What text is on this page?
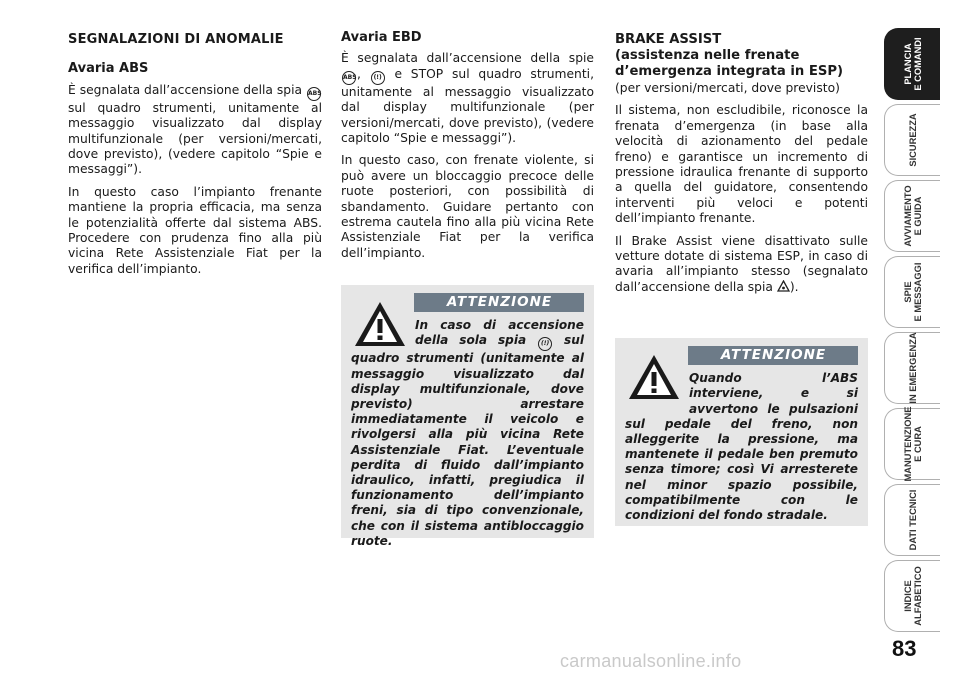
SEGNALAZIONI DI ANOMALIE
Avaria ABS

È segnalata dall’accensione della spia ABS sul quadro strumenti, unitamente al messaggio visualizzato dal display multifunzionale (per versioni/mercati, dove previsto), (vedere capitolo “Spie e messaggi”).

In questo caso l’impianto frenante mantiene la propria efficacia, ma senza le potenzialità offerte dal sistema ABS. Procedere con prudenza fino alla più vicina Rete Assistenziale Fiat per la verifica dell’impianto.

Avaria EBD

È segnalata dall’accensione della spie ABS, (!) e STOP sul quadro strumenti, unitamente al messaggio visualizzato dal display multifunzionale (per versioni/mercati, dove previsto), (vedere capitolo “Spie e messaggi”).

In questo caso, con frenate violente, si può avere un bloccaggio precoce delle ruote posteriori, con possibilità di sbandamento. Guidare pertanto con estrema cautela fino alla più vicina Rete Assistenziale Fiat per la verifica dell’impianto.

ATTENZIONE

In caso di accensione della sola spia (!) sul quadro strumenti (unitamente al messaggio visualizzato dal display multifunzionale, dove previsto) arrestare immediatamente il veicolo e rivolgersi alla più vicina Rete Assistenziale Fiat. L’eventuale perdita di fluido dall’impianto idraulico, infatti, pregiudica il funzionamento dell’impianto freni, sia di tipo convenzionale, che con il sistema antibloccaggio ruote.

BRAKE ASSIST
(assistenza nelle frenate
d’emergenza integrata in ESP)

(per versioni/mercati, dove previsto)

Il sistema, non escludibile, riconosce la frenata d’emergenza (in base alla velocità di azionamento del pedale freno) e garantisce un incremento di pressione idraulica frenante di supporto a quella del guidatore, consentendo interventi più veloci e potenti dell’impianto frenante.

Il Brake Assist viene disattivato sulle vetture dotate di sistema ESP, in caso di avaria all’impianto stesso (segnalato dall’accensione della spia ).

ATTENZIONE

Quando l’ABS interviene, e si avvertono le pulsazioni sul pedale del freno, non alleggerite la pressione, ma mantenete il pedale ben premuto senza timore; così Vi arresterete nel minor spazio possibile, compatibilmente con le condizioni del fondo stradale.

PLANCIA
E COMANDI
SICUREZZA
AVVIAMENTO
E GUIDA
SPIE
E MESSAGGI
IN EMERGENZA
MANUTENZIONE
E CURA
DATI TECNICI
INDICE
ALFABETICO
83
carmanualsonline.info
